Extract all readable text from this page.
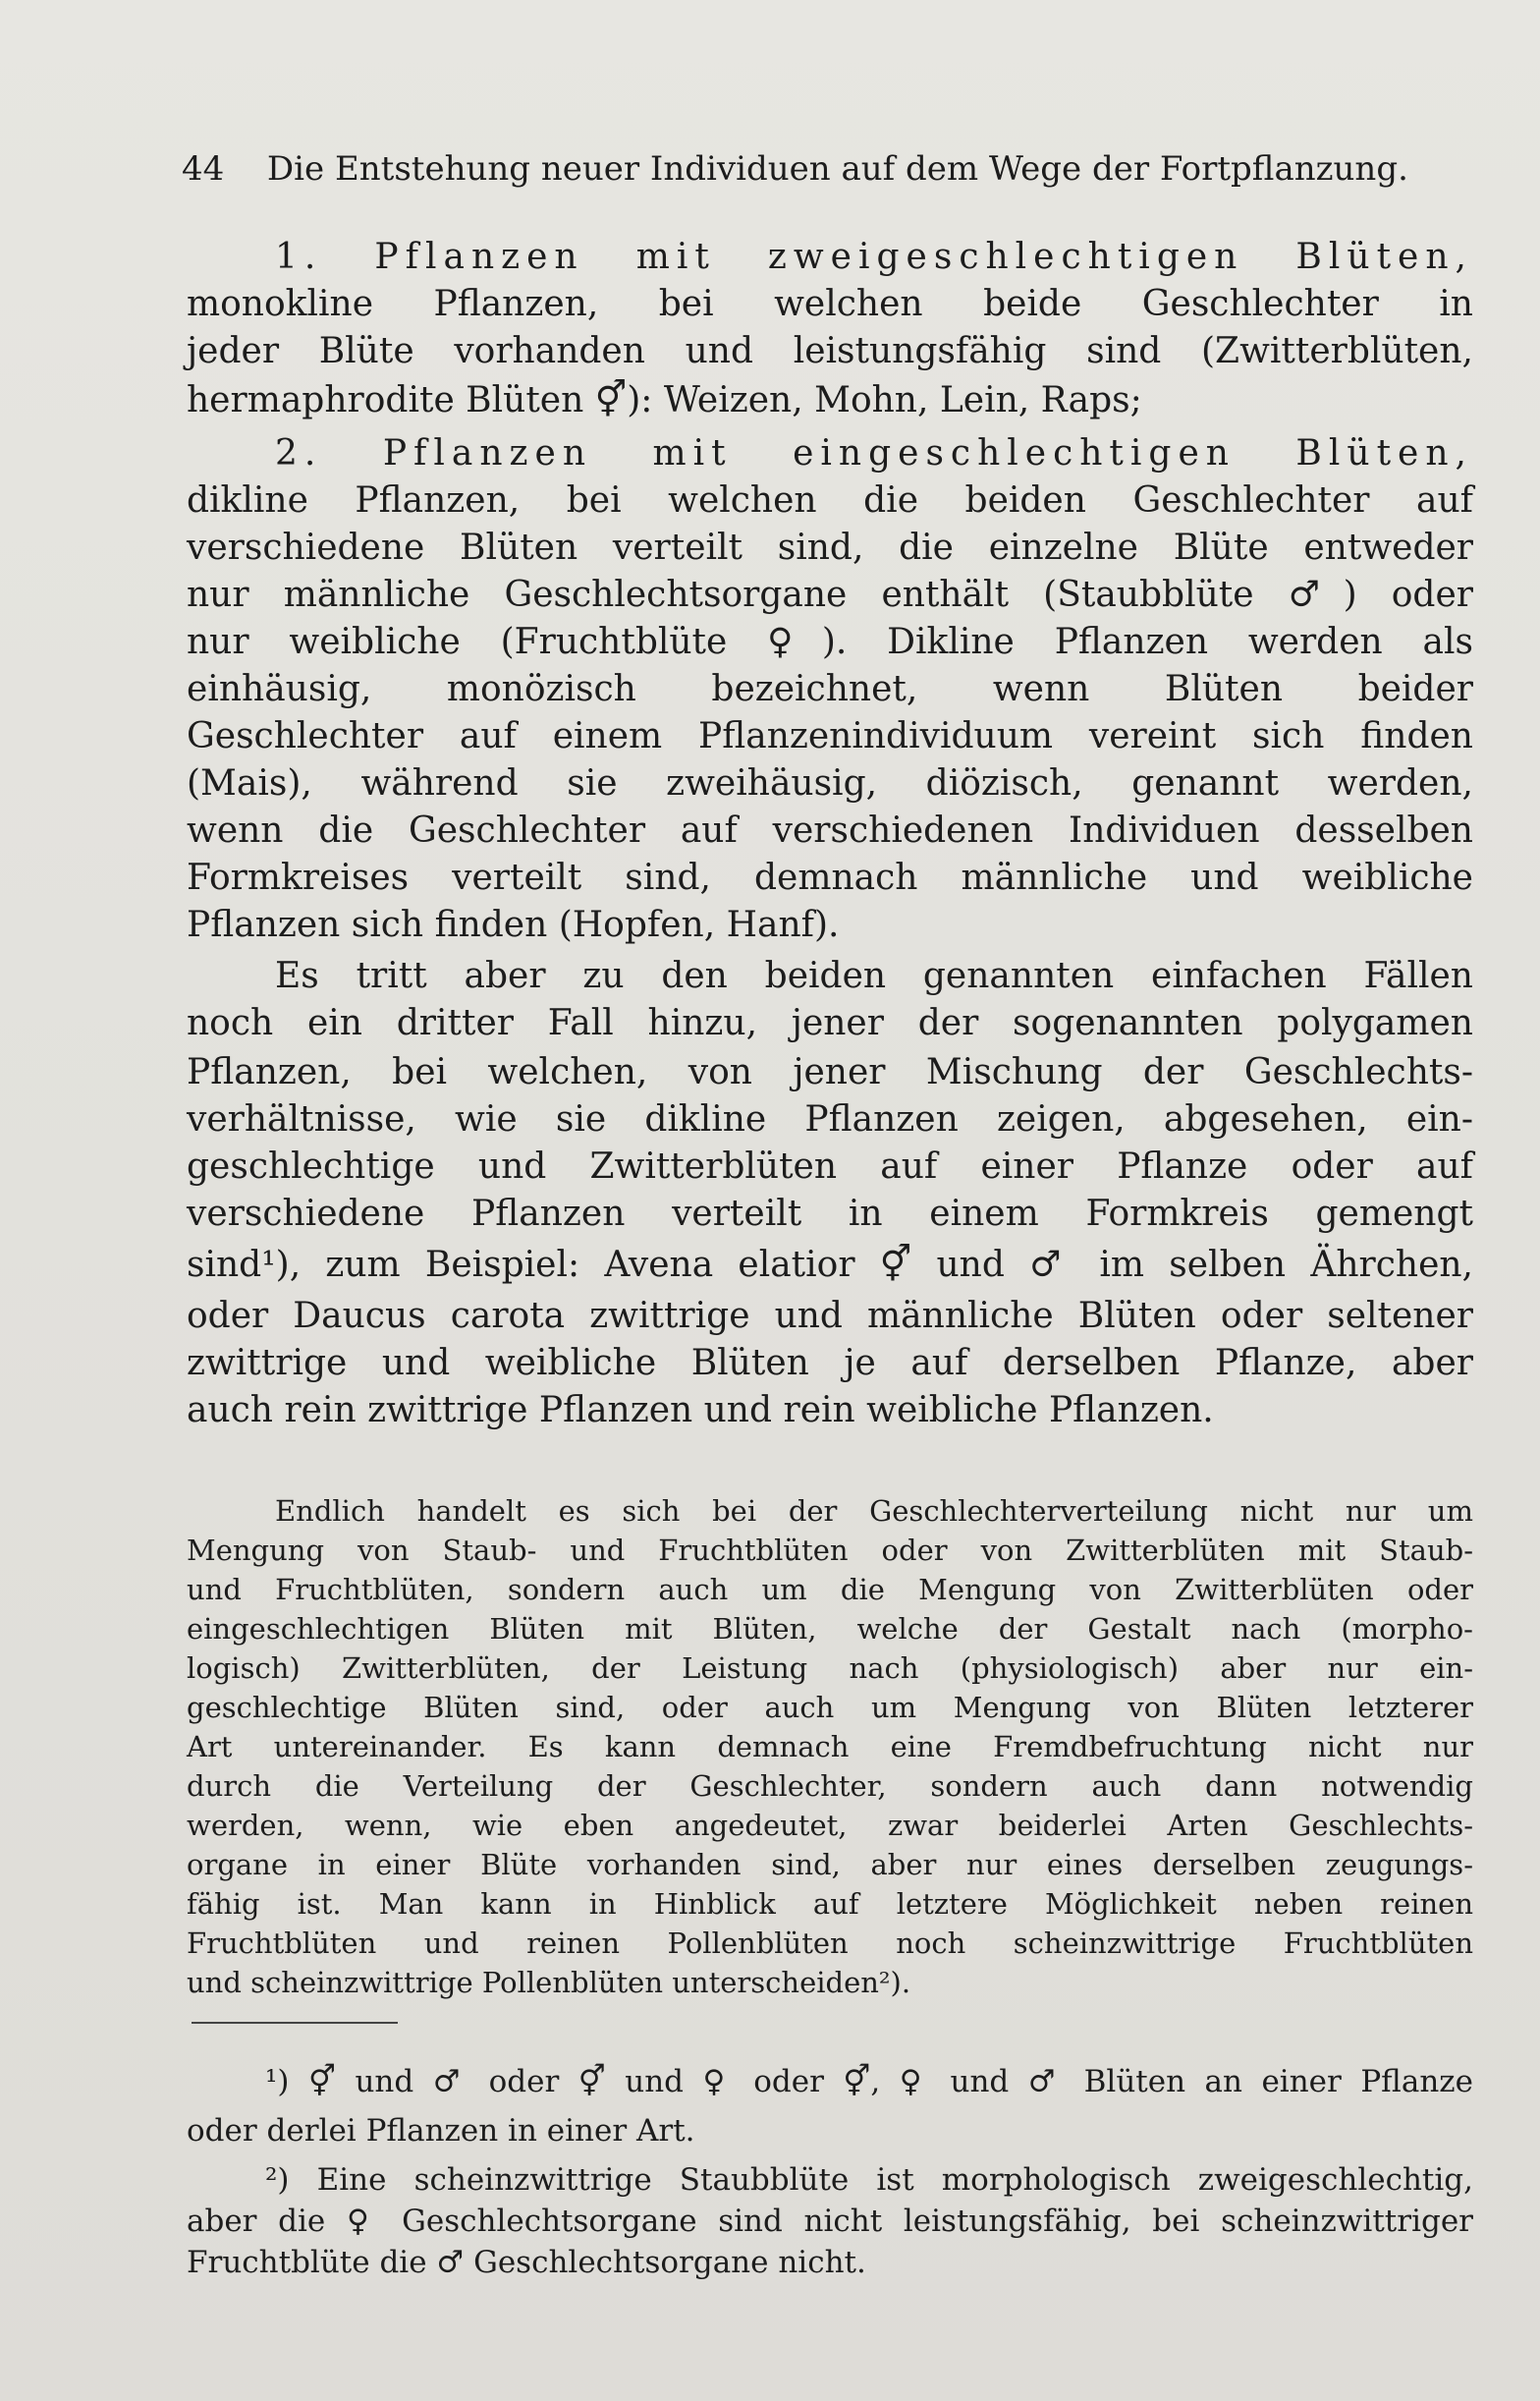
44 Die Entstehung neuer Individuen auf dem Wege der Fortpflanzung.
1. Pflanzen mit zweigeschlechtigen Blüten,
monokline Pflanzen, bei welchen beide Geschlechter in
jeder Blüte vorhanden und leistungsfähig sind (Zwitterblüten,
hermaphrodite Blüten ⚥): Weizen, Mohn, Lein, Raps;
2. Pflanzen mit eingeschlechtigen Blüten,
dikline Pflanzen, bei welchen die beiden Geschlechter auf
verschiedene Blüten verteilt sind, die einzelne Blüte entweder
nur männliche Geschlechtsorgane enthält (Staubblüte ♂) oder
nur weibliche (Fruchtblüte ♀). Dikline Pflanzen werden als
einhäusig, monözisch bezeichnet, wenn Blüten beider
Geschlechter auf einem Pflanzenindividuum vereint sich finden
(Mais), während sie zweihäusig, diözisch, genannt werden,
wenn die Geschlechter auf verschiedenen Individuen desselben
Formkreises verteilt sind, demnach männliche und weibliche
Pflanzen sich finden (Hopfen, Hanf).
Es tritt aber zu den beiden genannten einfachen Fällen
noch ein dritter Fall hinzu, jener der sogenannten polygamen
Pflanzen, bei welchen, von jener Mischung der Geschlechts-
verhältnisse, wie sie dikline Pflanzen zeigen, abgesehen, ein-
geschlechtige und Zwitterblüten auf einer Pflanze oder auf
verschiedene Pflanzen verteilt in einem Formkreis gemengt
sind¹), zum Beispiel: Avena elatior ⚥ und ♂ im selben Ährchen,
oder Daucus carota zwittrige und männliche Blüten oder seltener
zwittrige und weibliche Blüten je auf derselben Pflanze, aber
auch rein zwittrige Pflanzen und rein weibliche Pflanzen.
Endlich handelt es sich bei der Geschlechterverteilung nicht nur um
Mengung von Staub- und Fruchtblüten oder von Zwitterblüten mit Staub-
und Fruchtblüten, sondern auch um die Mengung von Zwitterblüten oder
eingeschlechtigen Blüten mit Blüten, welche der Gestalt nach (morpho-
logisch) Zwitterblüten, der Leistung nach (physiologisch) aber nur ein-
geschlechtige Blüten sind, oder auch um Mengung von Blüten letzterer
Art untereinander. Es kann demnach eine Fremdbefruchtung nicht nur
durch die Verteilung der Geschlechter, sondern auch dann notwendig
werden, wenn, wie eben angedeutet, zwar beiderlei Arten Geschlechts-
organe in einer Blüte vorhanden sind, aber nur eines derselben zeugungs-
fähig ist. Man kann in Hinblick auf letztere Möglichkeit neben reinen
Fruchtblüten und reinen Pollenblüten noch scheinzwittrige Fruchtblüten
und scheinzwittrige Pollenblüten unterscheiden²).
¹) ⚥ und ♂ oder ⚥ und ♀ oder ⚥, ♀ und ♂ Blüten an einer Pflanze
oder derlei Pflanzen in einer Art.
²) Eine scheinzwittrige Staubblüte ist morphologisch zweigeschlechtig,
aber die ♀ Geschlechtsorgane sind nicht leistungsfähig, bei scheinzwittriger
Fruchtblüte die ♂ Geschlechtsorgane nicht.
